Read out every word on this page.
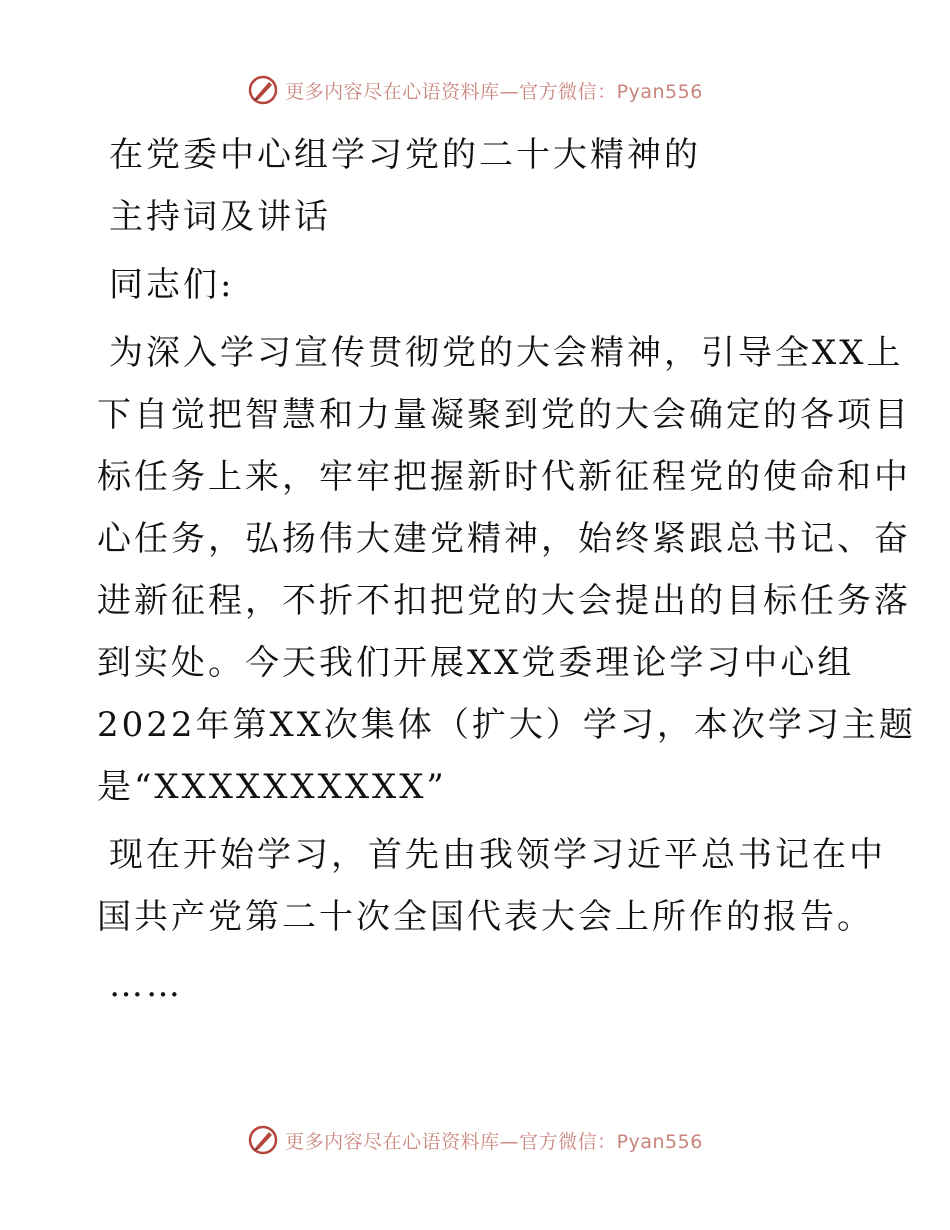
更多内容尽在心语资料库—官方微信：Pyan556
在党委中心组学习党的二十大精神的
主持词及讲话
同志们:
为深入学习宣传贯彻党的大会精神，引导全XX上
下自觉把智慧和力量凝聚到党的大会确定的各项目
标任务上来，牢牢把握新时代新征程党的使命和中
心任务，弘扬伟大建党精神，始终紧跟总书记、奋
进新征程，不折不扣把党的大会提出的目标任务落
到实处。今天我们开展XX党委理论学习中心组
2022年第XX次集体（扩大）学习，本次学习主题
是“XXXXXXXXXX”
现在开始学习，首先由我领学习近平总书记在中
国共产党第二十次全国代表大会上所作的报告。
……
更多内容尽在心语资料库—官方微信：Pyan556
